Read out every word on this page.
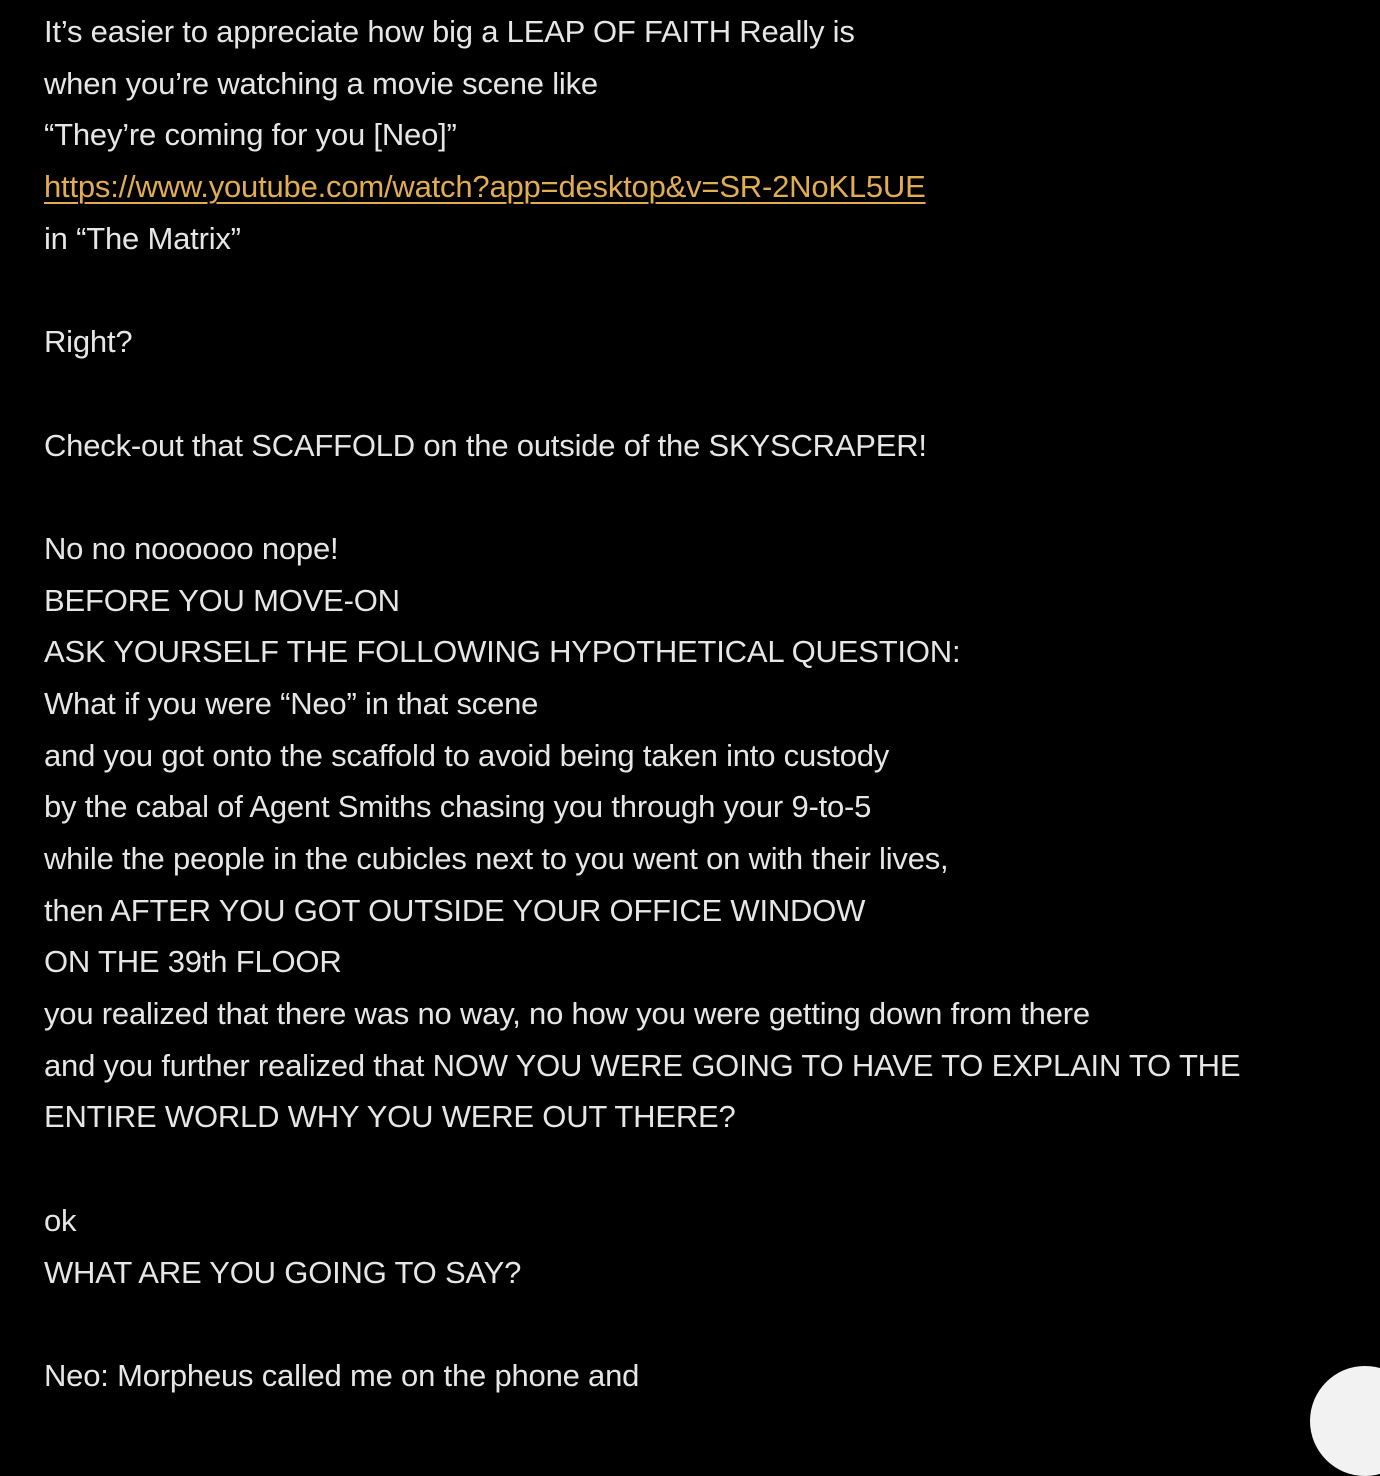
It’s easier to appreciate how big a LEAP OF FAITH Really is
when you’re watching a movie scene like
“They’re coming for you [Neo]”
https://www.youtube.com/watch?app=desktop&v=SR-2NoKL5UE
in “The Matrix”
Right?
Check-out that SCAFFOLD on the outside of the SKYSCRAPER!
No no noooooo nope!
BEFORE YOU MOVE-ON
ASK YOURSELF THE FOLLOWING HYPOTHETICAL QUESTION:
What if you were “Neo” in that scene
and you got onto the scaffold to avoid being taken into custody
by the cabal of Agent Smiths chasing you through your 9-to-5
while the people in the cubicles next to you went on with their lives,
then AFTER YOU GOT OUTSIDE YOUR OFFICE WINDOW
ON THE 39th FLOOR
you realized that there was no way, no how you were getting down from there
and you further realized that NOW YOU WERE GOING TO HAVE TO EXPLAIN TO THE
ENTIRE WORLD WHY YOU WERE OUT THERE?
ok
WHAT ARE YOU GOING TO SAY?
Neo: Morpheus called me on the phone and
